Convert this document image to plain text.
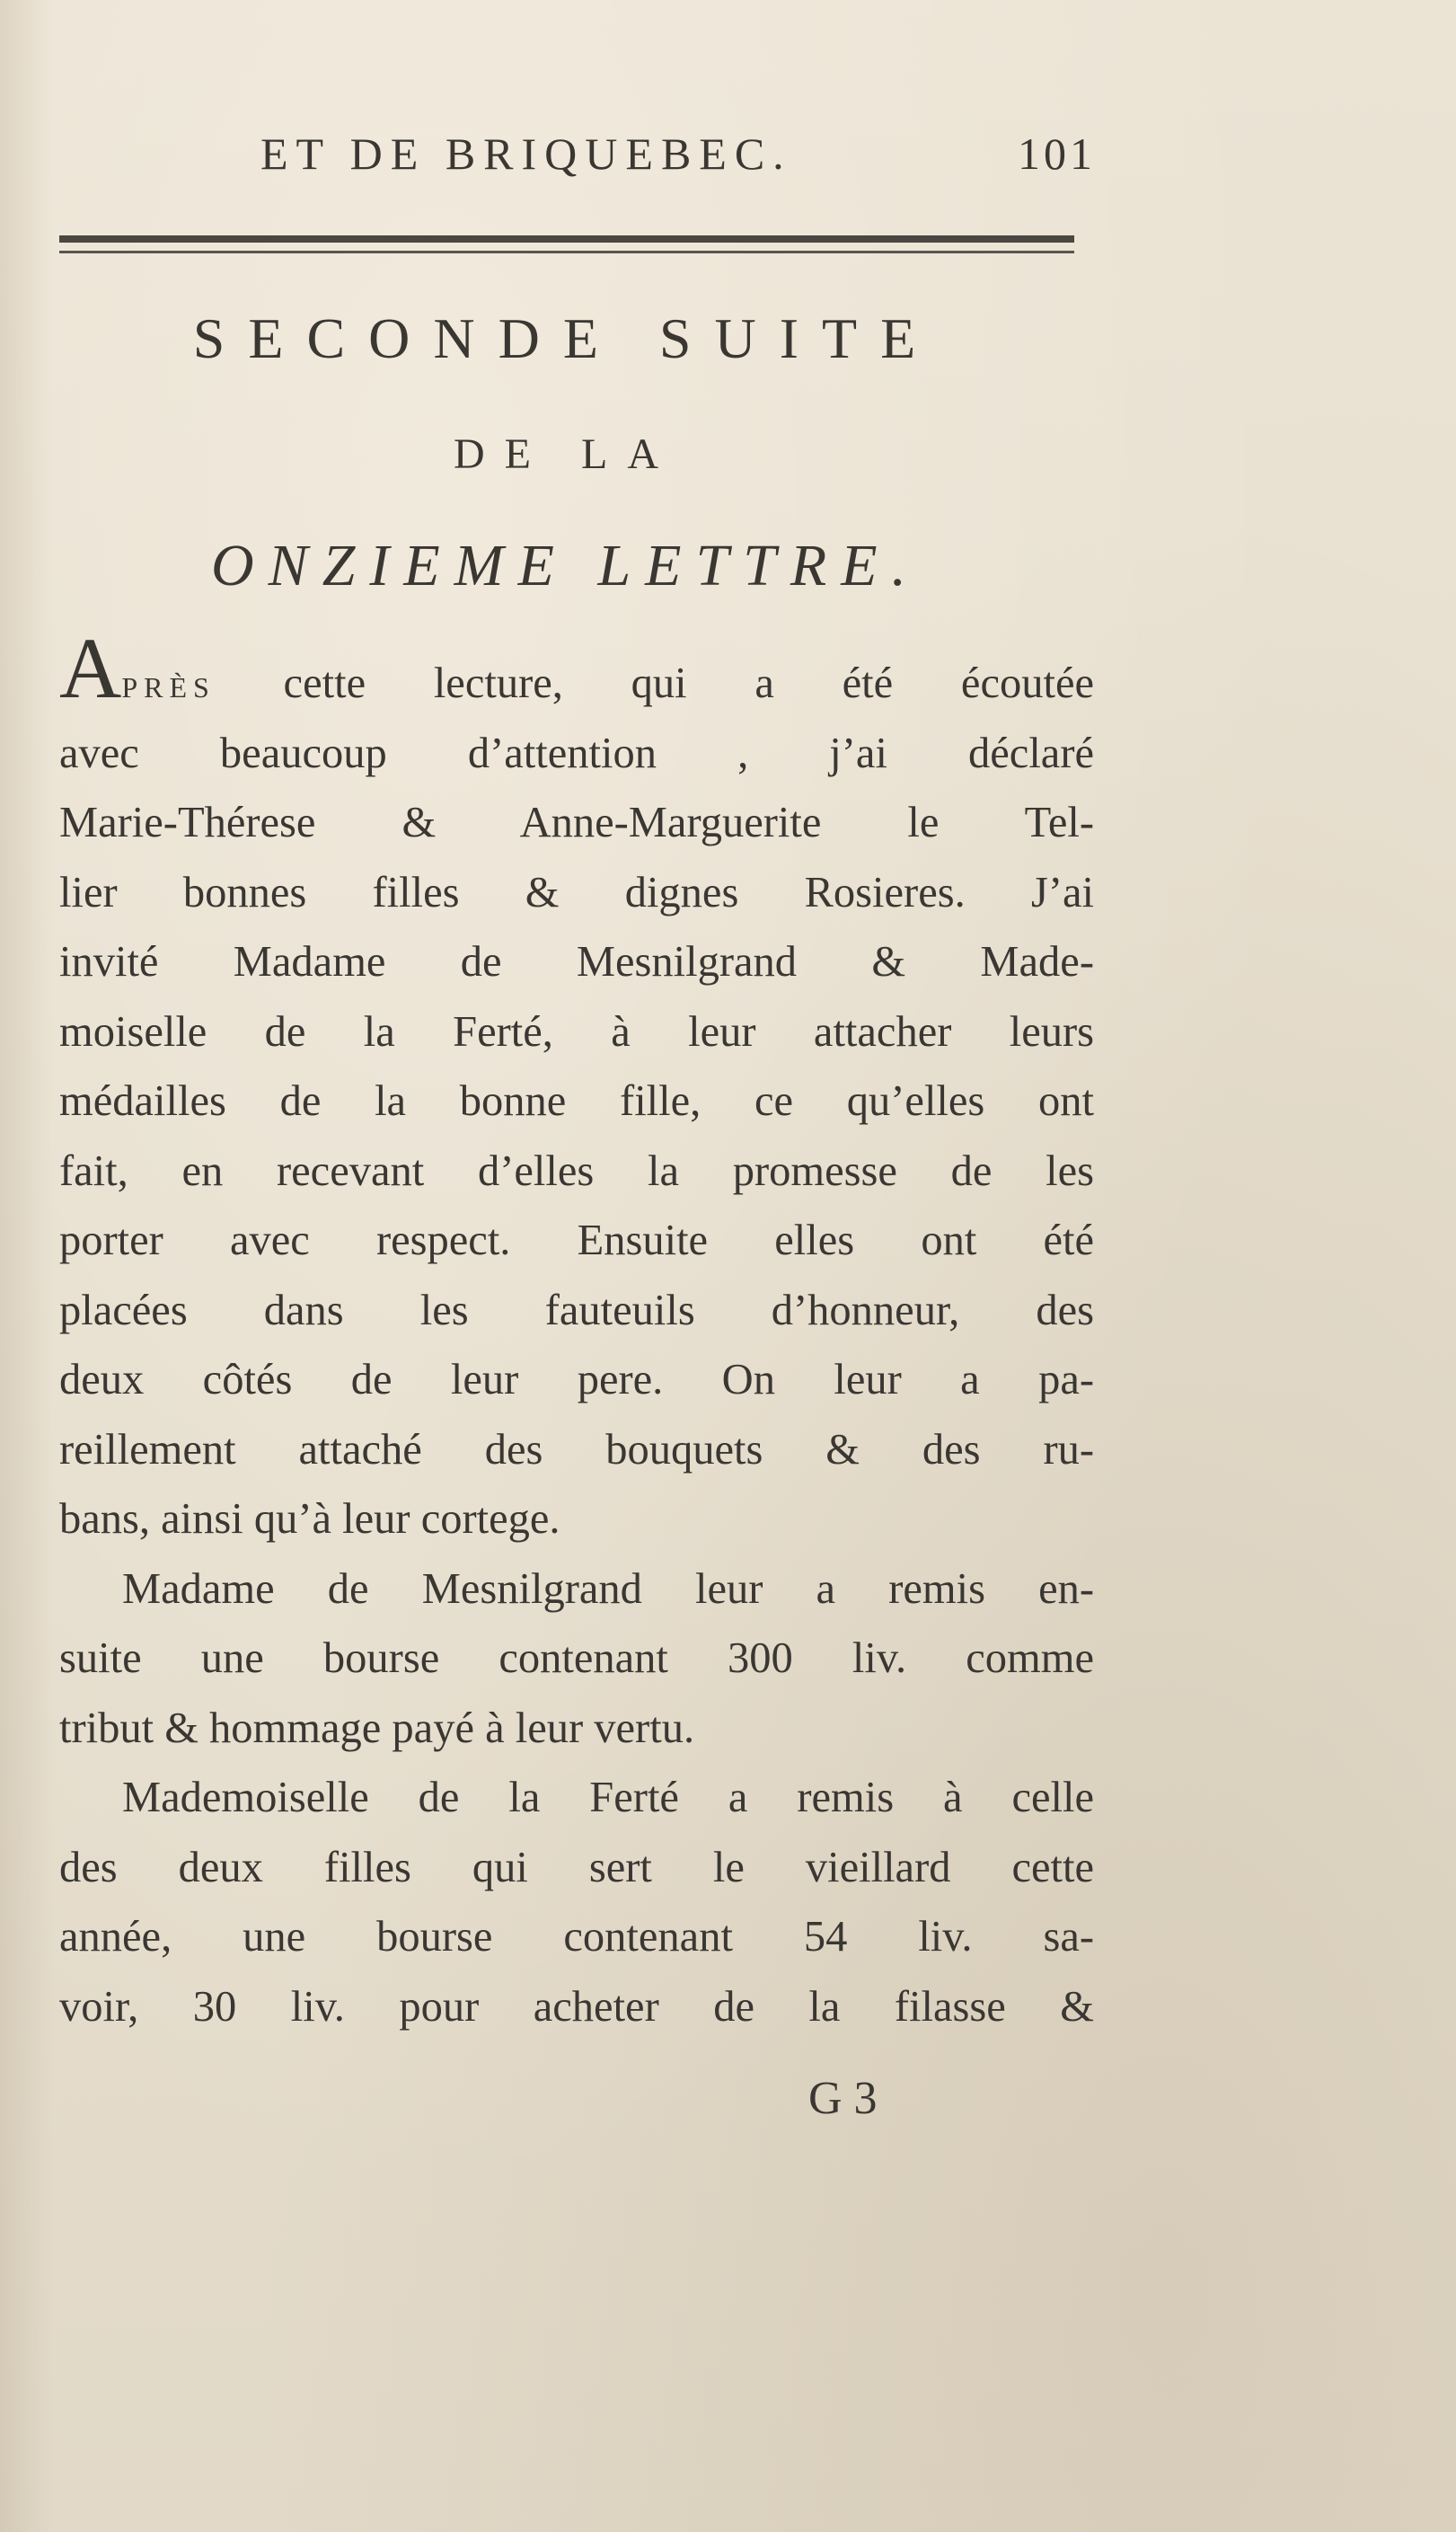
ET DE BRIQUEBEC.	101
SECONDE SUITE
DE LA
ONZIEME LETTRE.
APRÈS cette lecture, qui a été écoutée
avec beaucoup d’attention , j’ai déclaré
Marie-Thérese & Anne-Marguerite le Tel-
lier bonnes filles & dignes Rosieres. J’ai
invité Madame de Mesnilgrand & Made-
moiselle de la Ferté, à leur attacher leurs
médailles de la bonne fille, ce qu’elles ont
fait, en recevant d’elles la promesse de les
porter avec respect. Ensuite elles ont été
placées dans les fauteuils d’honneur, des
deux côtés de leur pere. On leur a pa-
reillement attaché des bouquets & des ru-
bans, ainsi qu’à leur cortege.
Madame de Mesnilgrand leur a remis en-
suite une bourse contenant 300 liv. comme
tribut & hommage payé à leur vertu.
Mademoiselle de la Ferté a remis à celle
des deux filles qui sert le vieillard cette
année, une bourse contenant 54 liv. sa-
voir, 30 liv. pour acheter de la filasse &
G 3
